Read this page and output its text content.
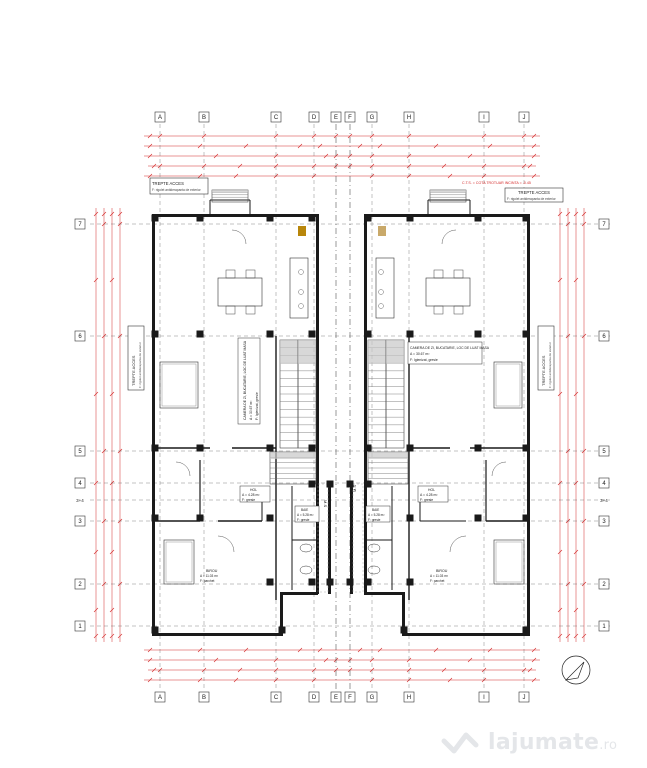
A
A
B
B
C
C
D
D
E
E
F
F
G
G
H
H
I
I
J
J
7	7
6	6
5	5
4	4
3	3
2	2
1	1
3+4	3+4
TREPTE ACCES
F: rigolet antiderapanta de exterior	TREPTE ACCES
F: rigolet antiderapanta de exterior
C.T.S. = COTA TROTUAR INCINTA = -0.45
TREPTE ACCES F: rigolet antiderapanta de exterior	TREPTE ACCES F: rigolet antiderapanta de exterior
CAMERA DE ZI, BUCATARIE, LOC DE LUAT MASA
A = 30.67 m²
F: Igienizat, gresie
CAMERA DE ZI, BUCATARIE, LOC DE LUAT MASA A = 30.67 m² F: Igienizat, gresie
HOL
A = 4.28 m²
F: gresie
HOL
A = 4.28 m²
F: gresie
BAIE
A = 5.28 m²
F: gresie
BAIE
A = 5.28 m²
F: gresie
BIROU
A = 11.03 m²
F: parchet
BIROU
A = 11.03 m²
F: parchet
M.S
M.S
lajumate.ro
